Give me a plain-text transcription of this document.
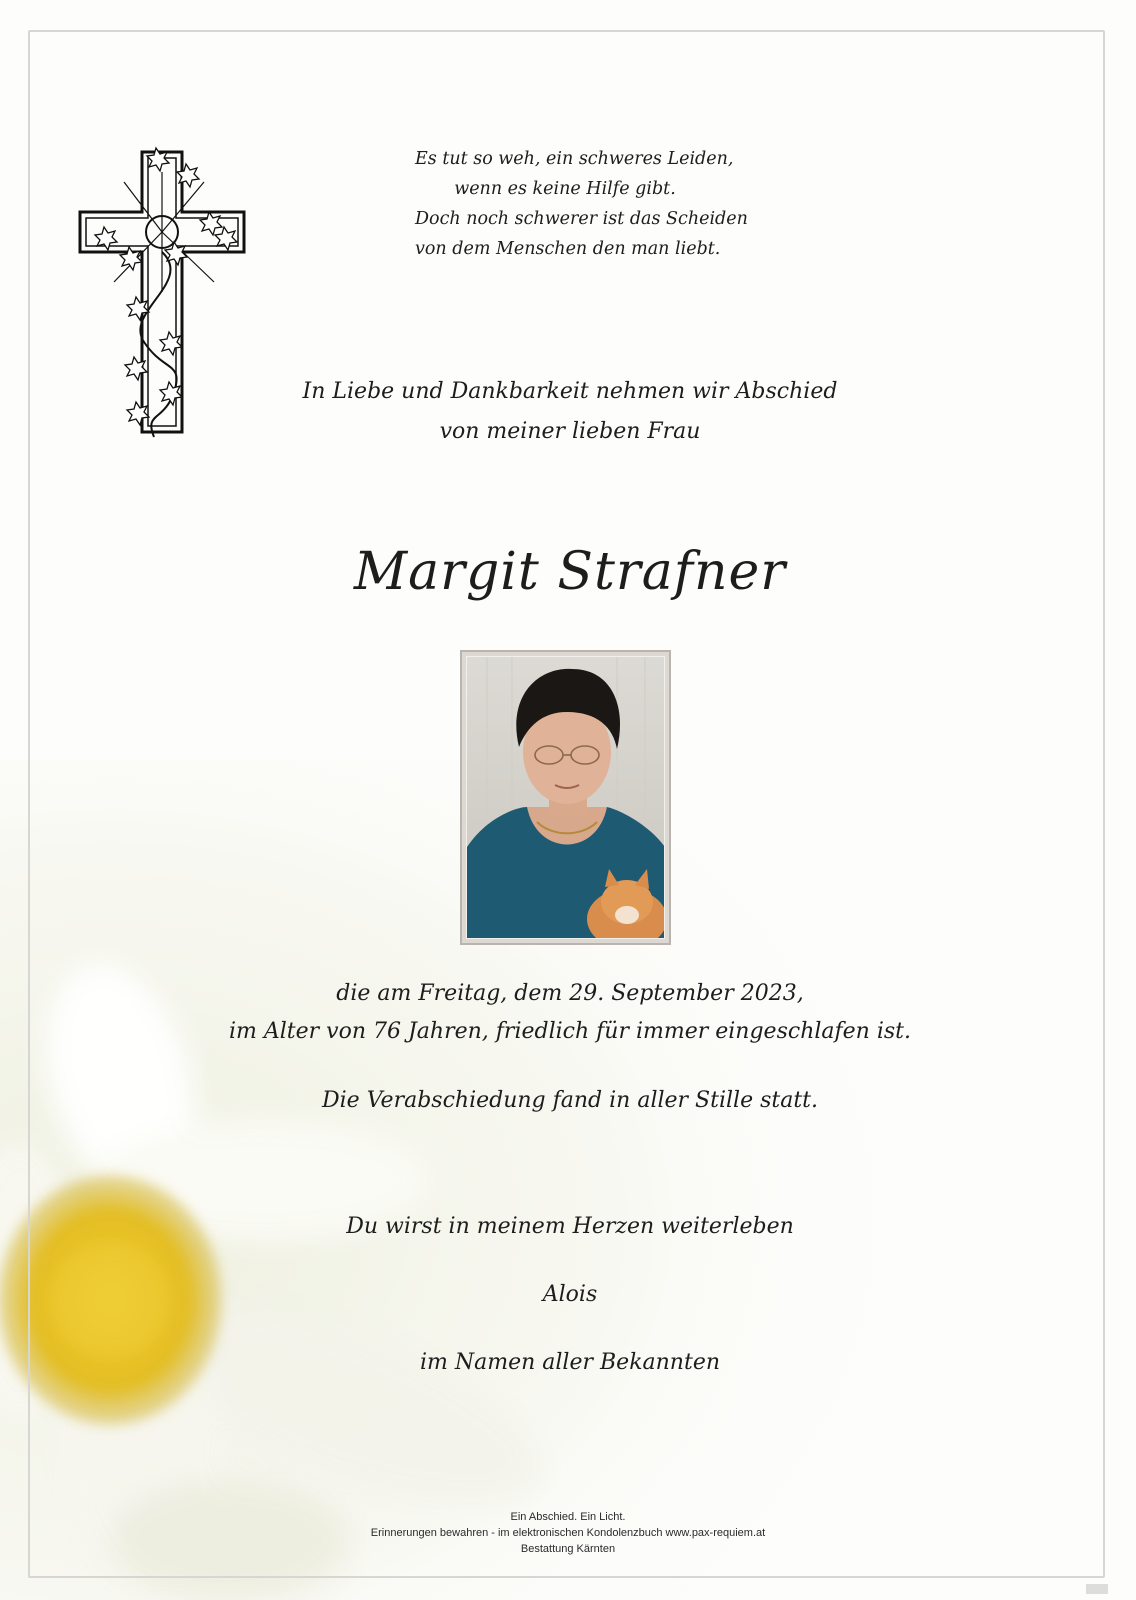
Es tut so weh, ein schweres Leiden,
wenn es keine Hilfe gibt.
Doch noch schwerer ist das Scheiden
von dem Menschen den man liebt.
In Liebe und Dankbarkeit nehmen wir Abschied
von meiner lieben Frau
Margit Strafner
die am Freitag, dem 29. September 2023,
im Alter von 76 Jahren, friedlich für immer eingeschlafen ist.
Die Verabschiedung fand in aller Stille statt.
Du wirst in meinem Herzen weiterleben
Alois
im Namen aller Bekannten
Ein Abschied. Ein Licht.
Erinnerungen bewahren - im elektronischen Kondolenzbuch www.pax-requiem.at
Bestattung Kärnten
